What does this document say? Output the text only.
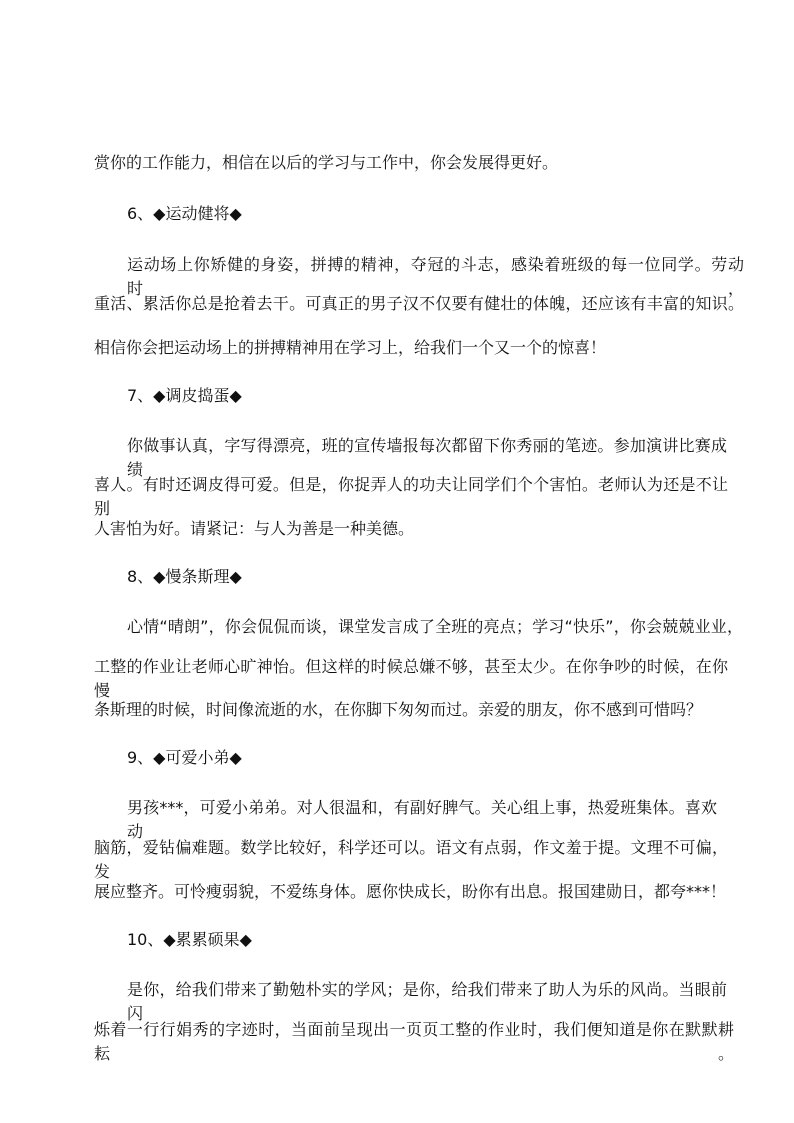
赏你的工作能力，相信在以后的学习与工作中，你会发展得更好。
6、◆运动健将◆
运动场上你矫健的身姿，拼搏的精神，夺冠的斗志，感染着班级的每一位同学。劳动时，
重活、累活你总是抢着去干。可真正的男子汉不仅要有健壮的体魄，还应该有丰富的知识。
相信你会把运动场上的拼搏精神用在学习上，给我们一个又一个的惊喜！
7、◆调皮捣蛋◆
你做事认真，字写得漂亮，班的宣传墙报每次都留下你秀丽的笔迹。参加演讲比赛成绩
喜人。有时还调皮得可爱。但是，你捉弄人的功夫让同学们个个害怕。老师认为还是不让别
人害怕为好。请紧记：与人为善是一种美德。
8、◆慢条斯理◆
心情“晴朗”，你会侃侃而谈，课堂发言成了全班的亮点；学习“快乐”，你会兢兢业业，
工整的作业让老师心旷神怡。但这样的时候总嫌不够，甚至太少。在你争吵的时候，在你慢
条斯理的时候，时间像流逝的水，在你脚下匆匆而过。亲爱的朋友，你不感到可惜吗？
9、◆可爱小弟◆
男孩***，可爱小弟弟。对人很温和，有副好脾气。关心组上事，热爱班集体。喜欢动
脑筋，爱钻偏难题。数学比较好，科学还可以。语文有点弱，作文羞于提。文理不可偏，发
展应整齐。可怜瘦弱貌，不爱练身体。愿你快成长，盼你有出息。报国建勋日，都夸***！
10、◆累累硕果◆
是你，给我们带来了勤勉朴实的学风；是你，给我们带来了助人为乐的风尚。当眼前闪
烁着一行行娟秀的字迹时，当面前呈现出一页页工整的作业时，我们便知道是你在默默耕耘。
